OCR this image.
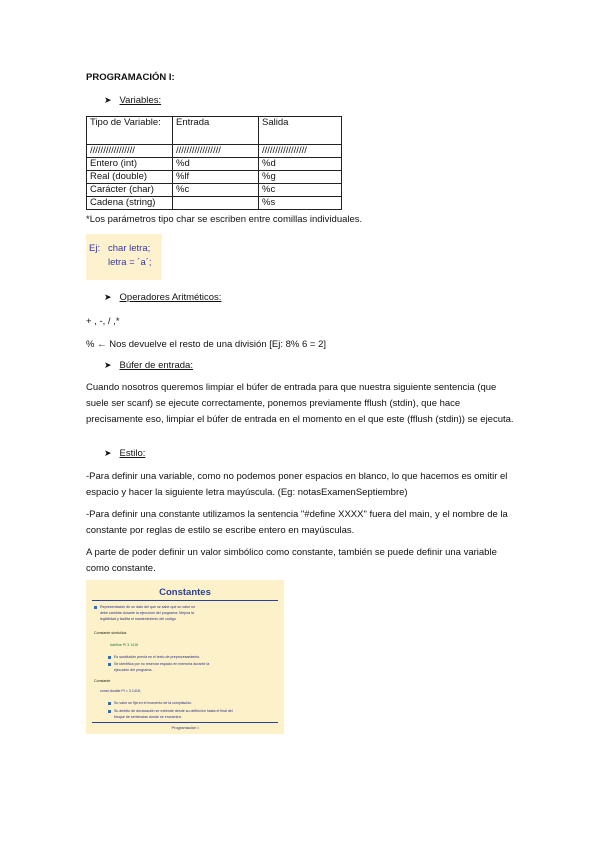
PROGRAMACIÓN I:
➤ Variables:
Tipo de Variable:	Entrada	Salida
/////////////////	/////////////////	/////////////////
Entero (int)	%d	%d
Real (double)	%lf	%g
Carácter (char)	%c	%c
Cadena (string)		%s
*Los parámetros tipo char se escriben entre comillas individuales.
Ej: char letra;
letra = ´a´;
➤ Operadores Aritméticos:
+ , -, / ,*
% ← Nos devuelve el resto de una división [Ej: 8% 6 = 2]
➤ Búfer de entrada:
Cuando nosotros queremos limpiar el búfer de entrada para que nuestra siguiente sentencia (que suele ser scanf) se ejecute correctamente, ponemos previamente fflush (stdin), que hace precisamente eso, limpiar el búfer de entrada en el momento en el que este (fflush (stdin)) se ejecuta.
➤ Estilo:
-Para definir una variable, como no podemos poner espacios en blanco, lo que hacemos es omitir el espacio y hacer la siguiente letra mayúscula. (Eg: notasExamenSeptiembre)
-Para definir una constante utilizamos la sentencia "#define XXXX" fuera del main, y el nombre de la constante por reglas de estilo se escribe entero en mayúsculas.
A parte de poder definir un valor simbólico como constante, también se puede definir una variable como constante.
Constantes
Representación de un dato del que se sabe que su valor no
debe cambiar durante la ejecución del programa. Mejora la
legibilidad y facilita el mantenimiento del código
Constante simbólica
#define PI 3.1416
Es sustitución previa en el texto de preprocesamiento.
Se identifica por no reservar espacio en memoria durante la
ejecución del programa.
Constante
const double PI = 3.1416;
Su valor se fija en el momento de la compilación.
Su ámbito de declaración se extiende desde su definición hasta el final del
bloque de sentencias donde se encuentra.
Programación I
